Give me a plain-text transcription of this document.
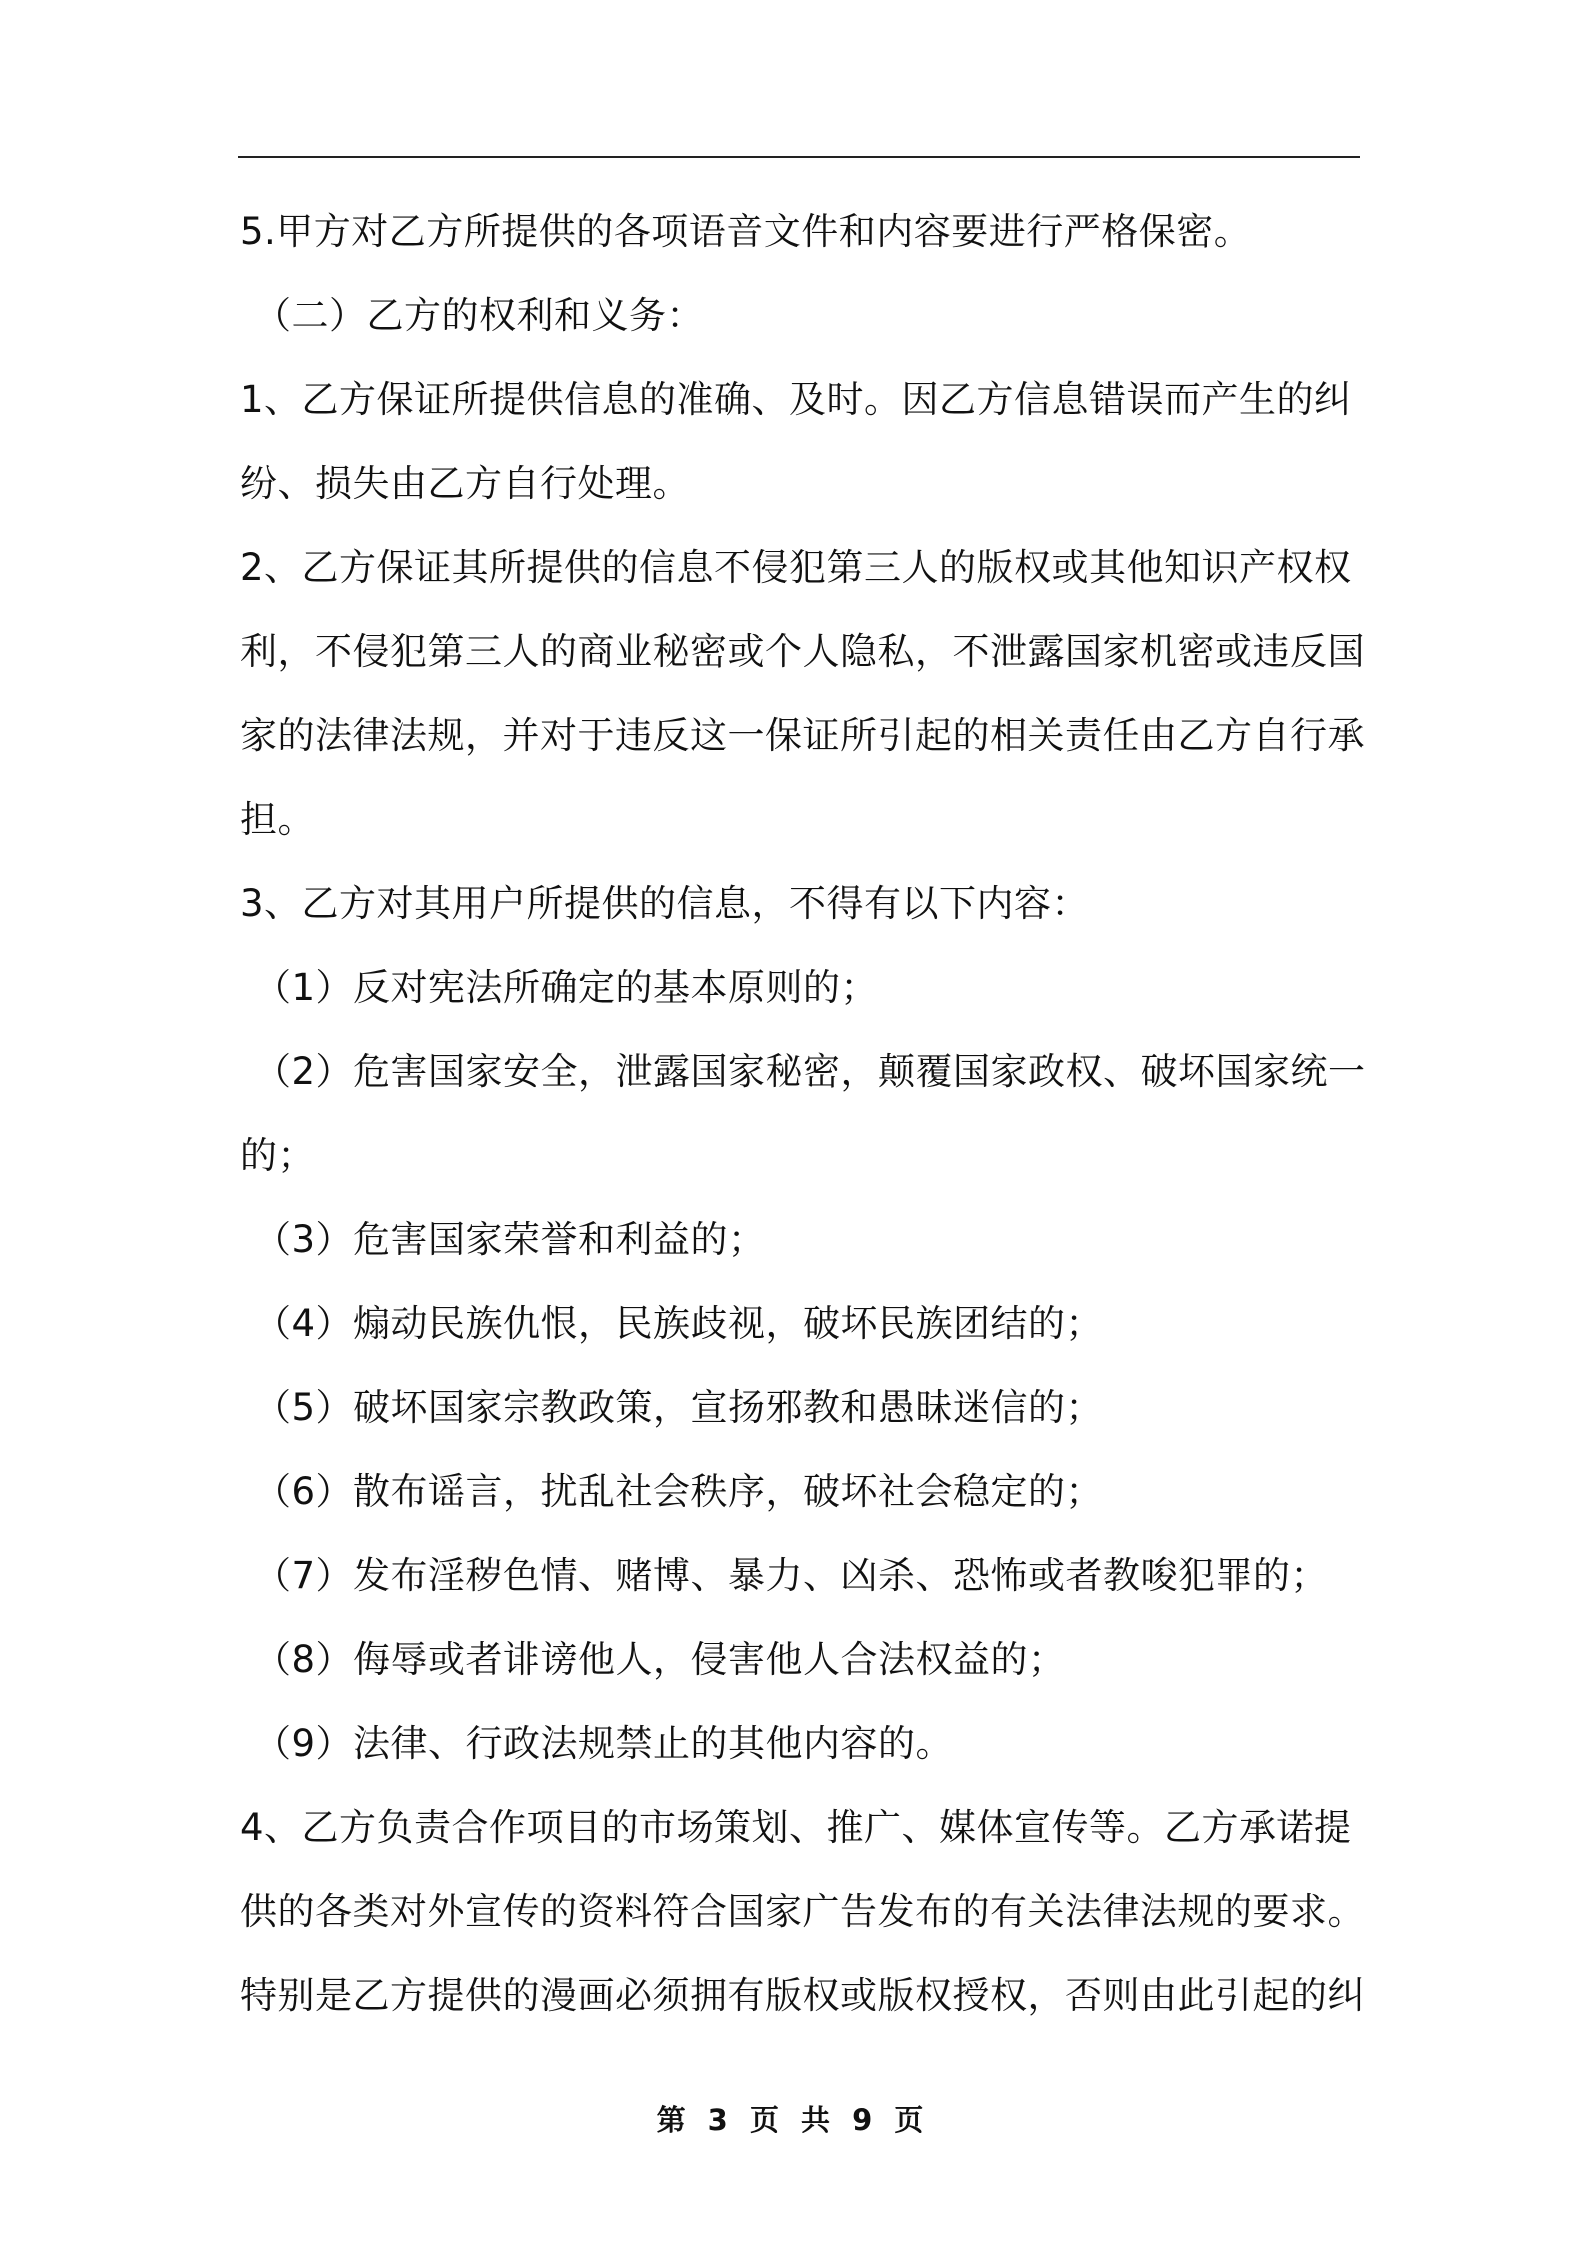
5.甲方对乙方所提供的各项语音文件和内容要进行严格保密。
（二）乙方的权利和义务：
1、乙方保证所提供信息的准确、及时。因乙方信息错误而产生的纠
纷、损失由乙方自行处理。
2、乙方保证其所提供的信息不侵犯第三人的版权或其他知识产权权
利，不侵犯第三人的商业秘密或个人隐私，不泄露国家机密或违反国
家的法律法规，并对于违反这一保证所引起的相关责任由乙方自行承
担。
3、乙方对其用户所提供的信息，不得有以下内容：
（1）反对宪法所确定的基本原则的；
（2）危害国家安全，泄露国家秘密，颠覆国家政权、破坏国家统一
的；
（3）危害国家荣誉和利益的；
（4）煽动民族仇恨，民族歧视，破坏民族团结的；
（5）破坏国家宗教政策，宣扬邪教和愚昧迷信的；
（6）散布谣言，扰乱社会秩序，破坏社会稳定的；
（7）发布淫秽色情、赌博、暴力、凶杀、恐怖或者教唆犯罪的；
（8）侮辱或者诽谤他人，侵害他人合法权益的；
（9）法律、行政法规禁止的其他内容的。
4、乙方负责合作项目的市场策划、推广、媒体宣传等。乙方承诺提
供的各类对外宣传的资料符合国家广告发布的有关法律法规的要求。
特别是乙方提供的漫画必须拥有版权或版权授权，否则由此引起的纠
第 3 页 共 9 页
